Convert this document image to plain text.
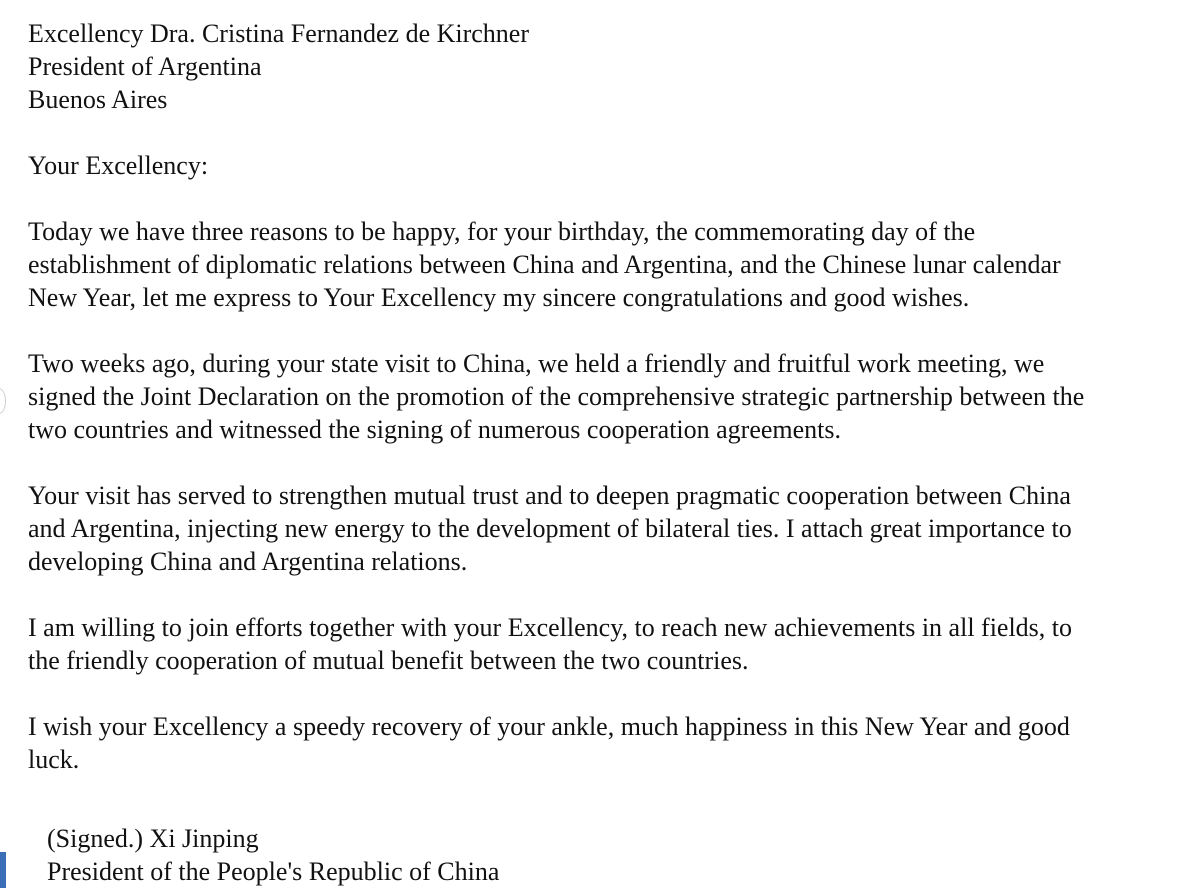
Excellency Dra. Cristina Fernandez de Kirchner
President of Argentina
Buenos Aires
Your Excellency:
Today we have three reasons to be happy, for your birthday, the commemorating day of the
establishment of diplomatic relations between China and Argentina, and the Chinese lunar calendar
New Year, let me express to Your Excellency my sincere congratulations and good wishes.
Two weeks ago, during your state visit to China, we held a friendly and fruitful work meeting, we
signed the Joint Declaration on the promotion of the comprehensive strategic partnership between the
two countries and witnessed the signing of numerous cooperation agreements.
Your visit has served to strengthen mutual trust and to deepen pragmatic cooperation between China
and Argentina, injecting new energy to the development of bilateral ties. I attach great importance to
developing China and Argentina relations.
I am willing to join efforts together with your Excellency, to reach new achievements in all fields, to
the friendly cooperation of mutual benefit between the two countries.
I wish your Excellency a speedy recovery of your ankle, much happiness in this New Year and good
luck.
(Signed.) Xi Jinping
President of the People's Republic of China
